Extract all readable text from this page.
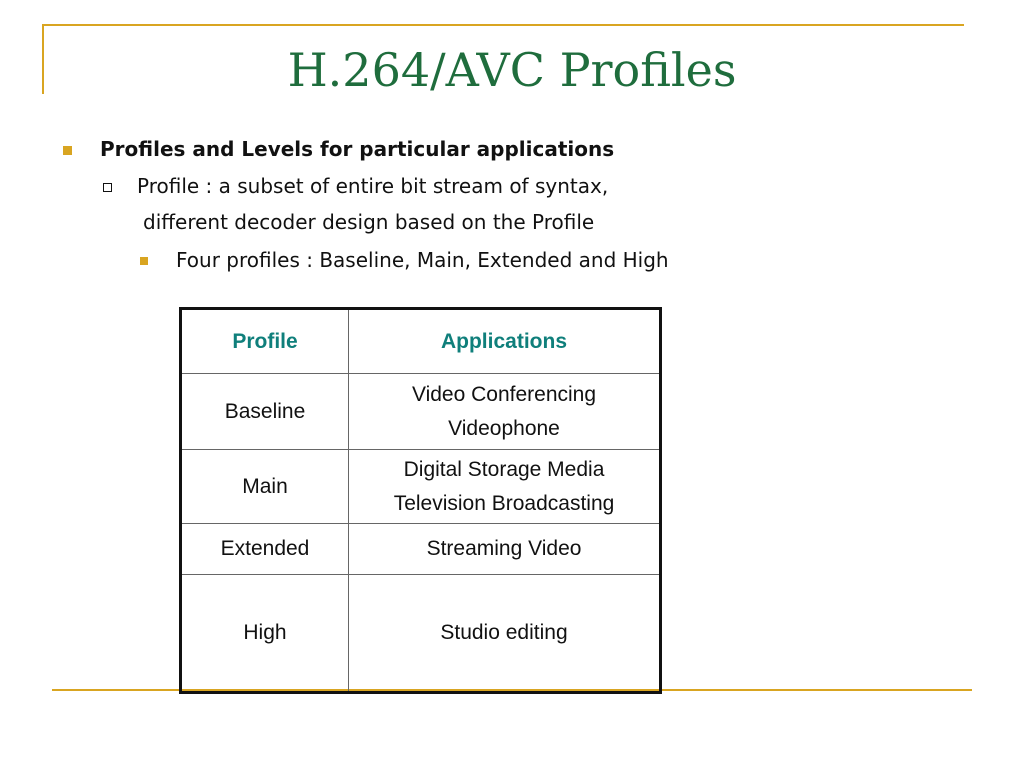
H.264/AVC Profiles
Profiles and Levels for particular applications
Profile : a subset of entire bit stream of syntax,
different decoder design based on the Profile
Four profiles : Baseline, Main, Extended and High
Profile	Applications
Baseline	Video Conferencing
Videophone

Main	Digital Storage Media
Television Broadcasting

Extended	Streaming Video

High	Studio editing
